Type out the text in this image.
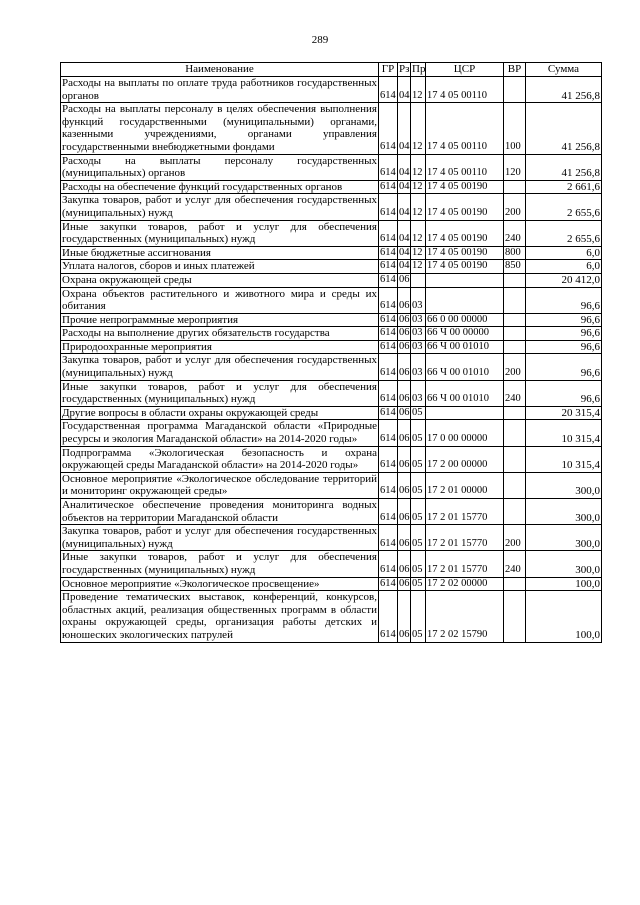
289
Наименование	ГР	Рз	Пр	ЦСР	ВР	Сумма
Расходы на выплаты по оплате труда работников государственных органов	614	04	12	17 4 05 00110		41 256,8
Расходы на выплаты персоналу в целях обеспечения выполнения функций государственными (муниципальными) органами, казенными учреждениями, органами управления государственными внебюджетными фондами	614	04	12	17 4 05 00110	100	41 256,8
Расходы на выплаты персоналу государственных (муниципальных) органов	614	04	12	17 4 05 00110	120	41 256,8
Расходы на обеспечение функций государственных органов	614	04	12	17 4 05 00190		2 661,6
Закупка товаров, работ и услуг для обеспечения государственных (муниципальных) нужд	614	04	12	17 4 05 00190	200	2 655,6
Иные закупки товаров, работ и услуг для обеспечения государственных (муниципальных) нужд	614	04	12	17 4 05 00190	240	2 655,6
Иные бюджетные ассигнования	614	04	12	17 4 05 00190	800	6,0
Уплата налогов, сборов и иных платежей	614	04	12	17 4 05 00190	850	6,0
Охрана окружающей среды	614	06				20 412,0
Охрана объектов растительного и животного мира и среды их обитания	614	06	03			96,6
Прочие непрограммные мероприятия	614	06	03	66 0 00 00000		96,6
Расходы на выполнение других обязательств государства	614	06	03	66 Ч 00 00000		96,6
Природоохранные мероприятия	614	06	03	66 Ч 00 01010		96,6
Закупка товаров, работ и услуг для обеспечения государственных (муниципальных) нужд	614	06	03	66 Ч 00 01010	200	96,6
Иные закупки товаров, работ и услуг для обеспечения государственных (муниципальных) нужд	614	06	03	66 Ч 00 01010	240	96,6
Другие вопросы в области охраны окружающей среды	614	06	05			20 315,4
Государственная программа Магаданской области «Природные ресурсы и экология Магаданской области» на 2014-2020 годы»	614	06	05	17 0 00 00000		10 315,4
Подпрограмма «Экологическая безопасность и охрана окружающей среды Магаданской области» на 2014-2020 годы»	614	06	05	17 2 00 00000		10 315,4
Основное мероприятие «Экологическое обследование территорий и мониторинг окружающей среды»	614	06	05	17 2 01 00000		300,0
Аналитическое обеспечение проведения мониторинга водных объектов на территории Магаданской области	614	06	05	17 2 01 15770		300,0
Закупка товаров, работ и услуг для обеспечения государственных (муниципальных) нужд	614	06	05	17 2 01 15770	200	300,0
Иные закупки товаров, работ и услуг для обеспечения государственных (муниципальных) нужд	614	06	05	17 2 01 15770	240	300,0
Основное мероприятие «Экологическое просвещение»	614	06	05	17 2 02 00000		100,0
Проведение тематических выставок, конференций, конкурсов, областных акций, реализация общественных программ в области охраны окружающей среды, организация работы детских и юношеских экологических патрулей	614	06	05	17 2 02 15790		100,0
